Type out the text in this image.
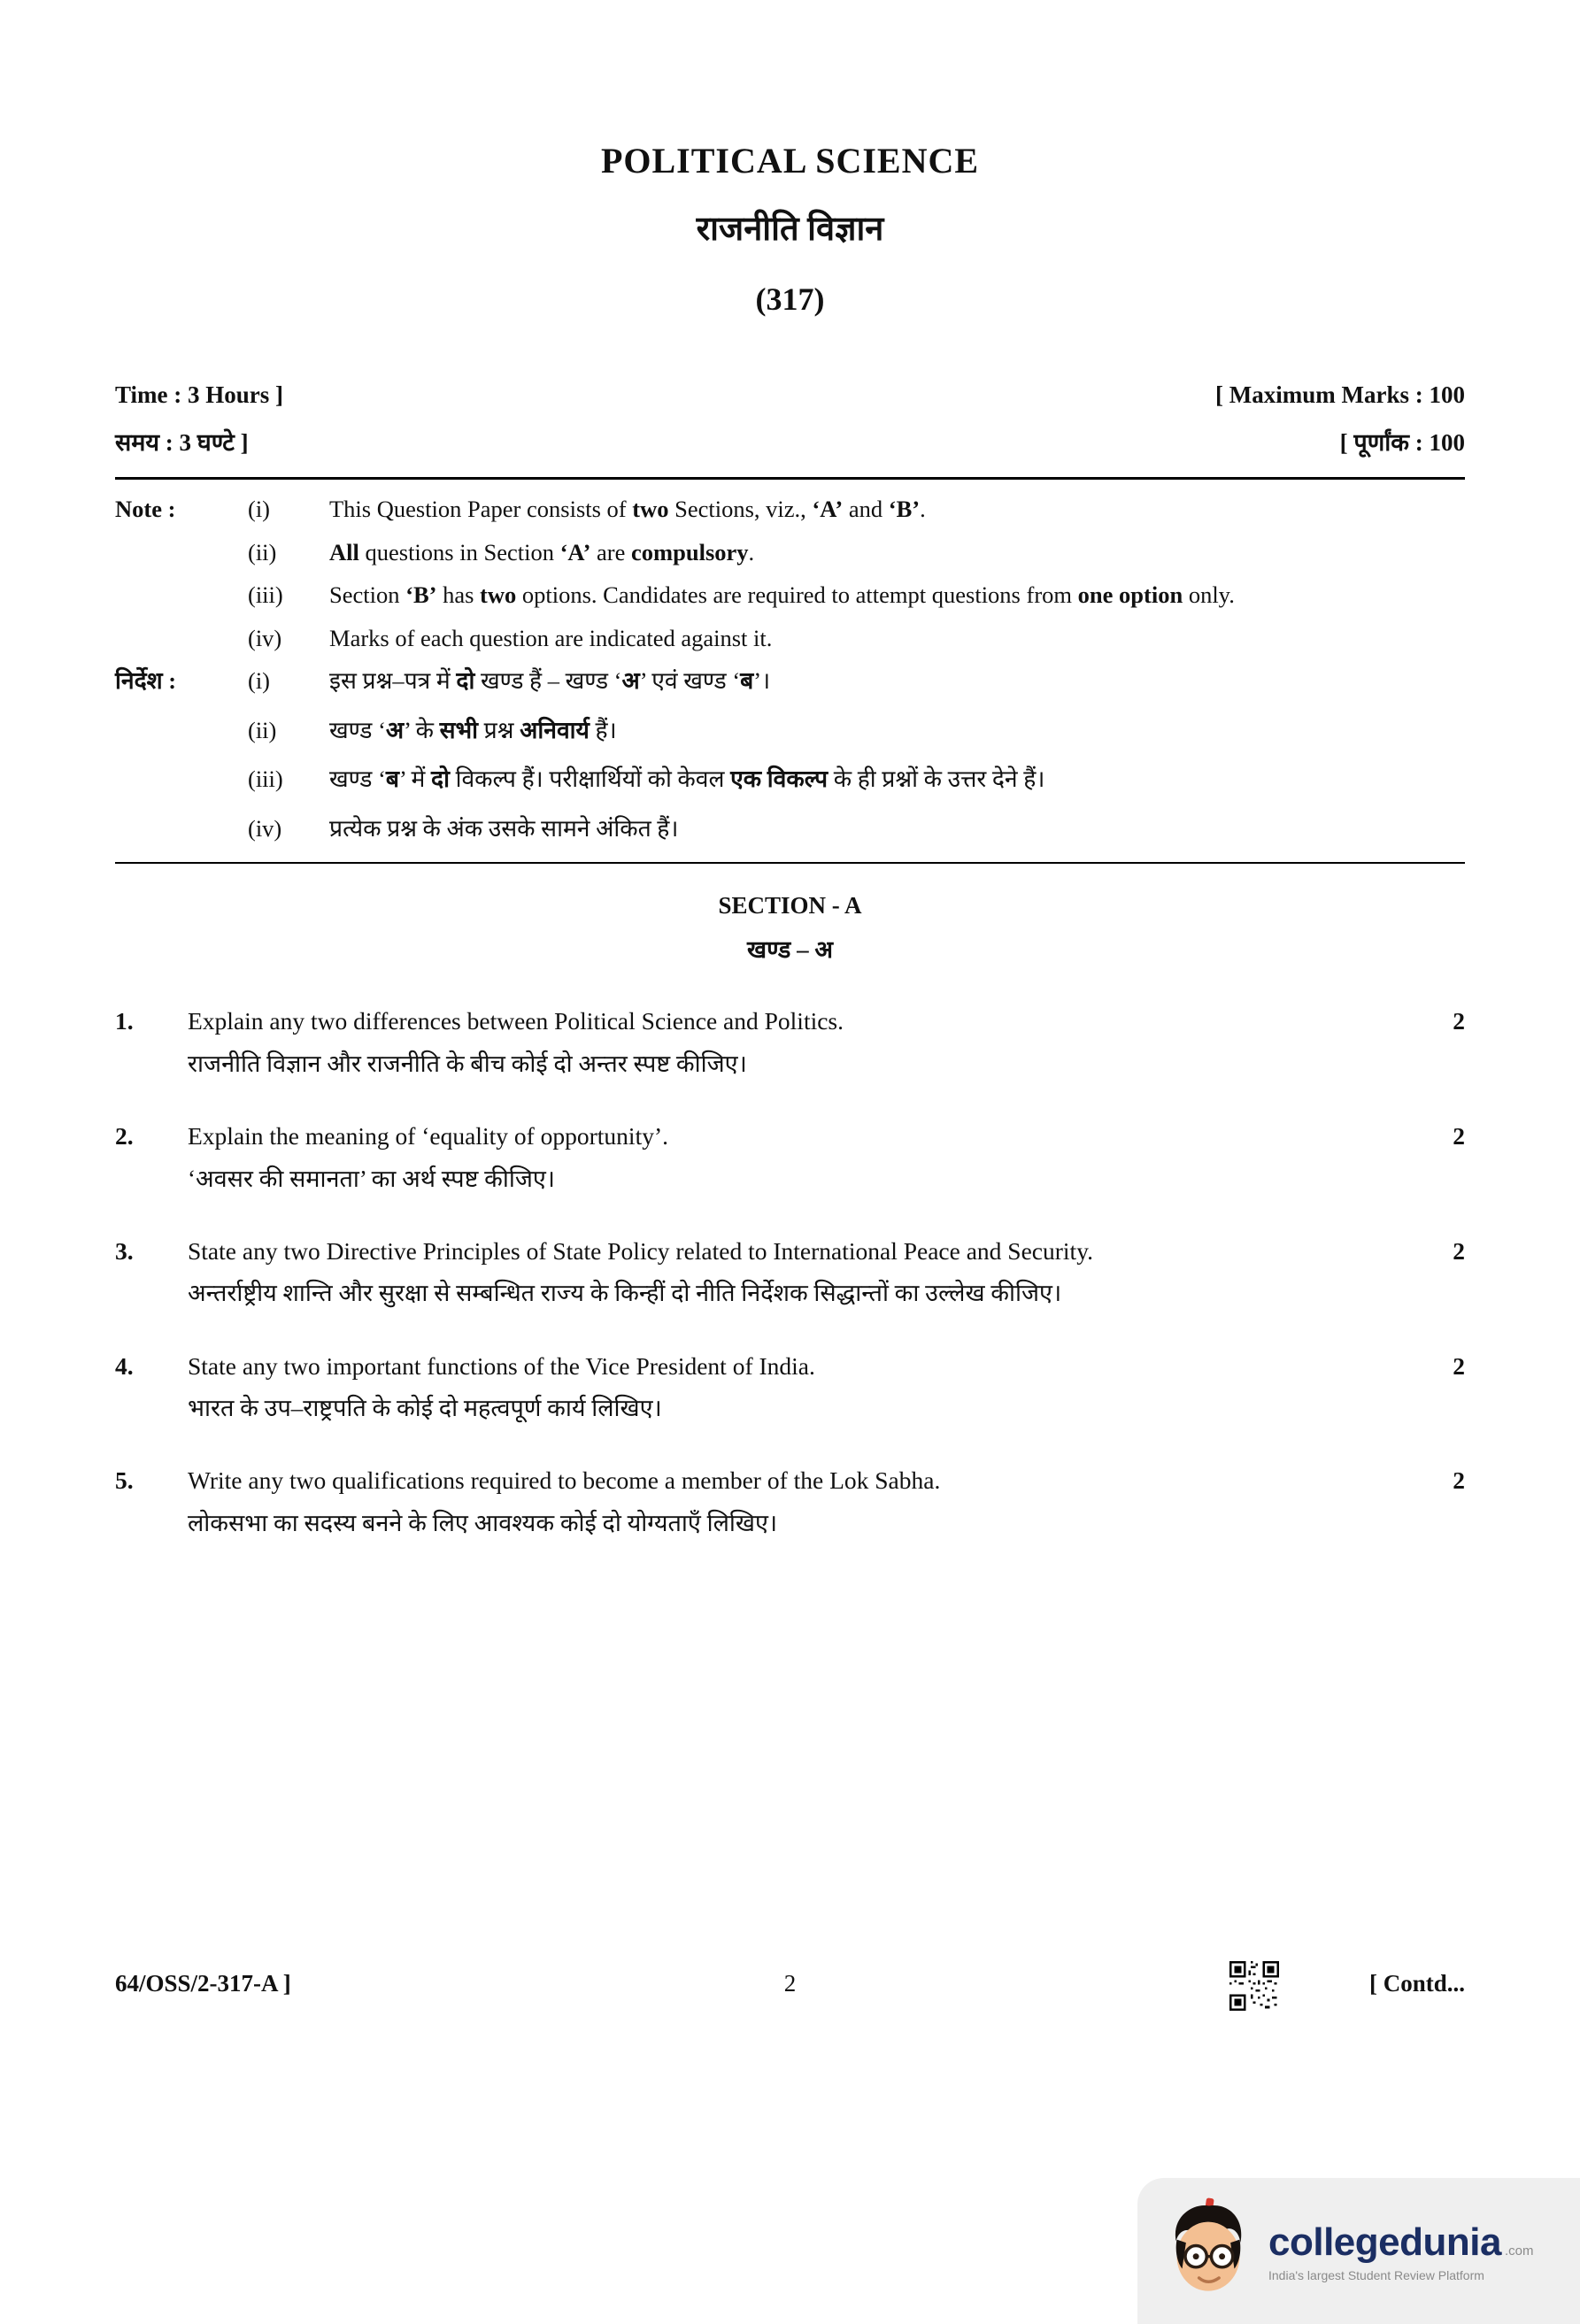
POLITICAL SCIENCE
राजनीति विज्ञान
(317)
Time : 3 Hours ]	[ Maximum Marks : 100
समय : 3 घण्टे ]	[ पूर्णांक : 100
Note :	(i)	This Question Paper consists of two Sections, viz., ‘A’ and ‘B’.
(ii)	All questions in Section ‘A’ are compulsory.
(iii)	Section ‘B’ has two options. Candidates are required to attempt questions from one option only.
(iv)	Marks of each question are indicated against it.
निर्देश :	(i)	इस प्रश्न–पत्र में दो खण्ड हैं – खण्ड ‘अ’ एवं खण्ड ‘ब’।
(ii)	खण्ड ‘अ’ के सभी प्रश्न अनिवार्य हैं।
(iii)	खण्ड ‘ब’ में दो विकल्प हैं। परीक्षार्थियों को केवल एक विकल्प के ही प्रश्नों के उत्तर देने हैं।
(iv)	प्रत्येक प्रश्न के अंक उसके सामने अंकित हैं।
SECTION - A
खण्ड – अ
1.	Explain any two differences between Political Science and Politics.	2
राजनीति विज्ञान और राजनीति के बीच कोई दो अन्तर स्पष्ट कीजिए।
2.	Explain the meaning of ‘equality of opportunity’.	2
‘अवसर की समानता’ का अर्थ स्पष्ट कीजिए।
3.	State any two Directive Principles of State Policy related to International Peace and Security.	2
अन्तर्राष्ट्रीय शान्ति और सुरक्षा से सम्बन्धित राज्य के किन्हीं दो नीति निर्देशक सिद्धान्तों का उल्लेख कीजिए।
4.	State any two important functions of the Vice President of India.	2
भारत के उप–राष्ट्रपति के कोई दो महत्वपूर्ण कार्य लिखिए।
5.	Write any two qualifications required to become a member of the Lok Sabha.	2
लोकसभा का सदस्य बनने के लिए आवश्यक कोई दो योग्यताएँ लिखिए।
64/OSS/2-317-A ]	2	[ Contd...
collegedunia .com
India's largest Student Review Platform
